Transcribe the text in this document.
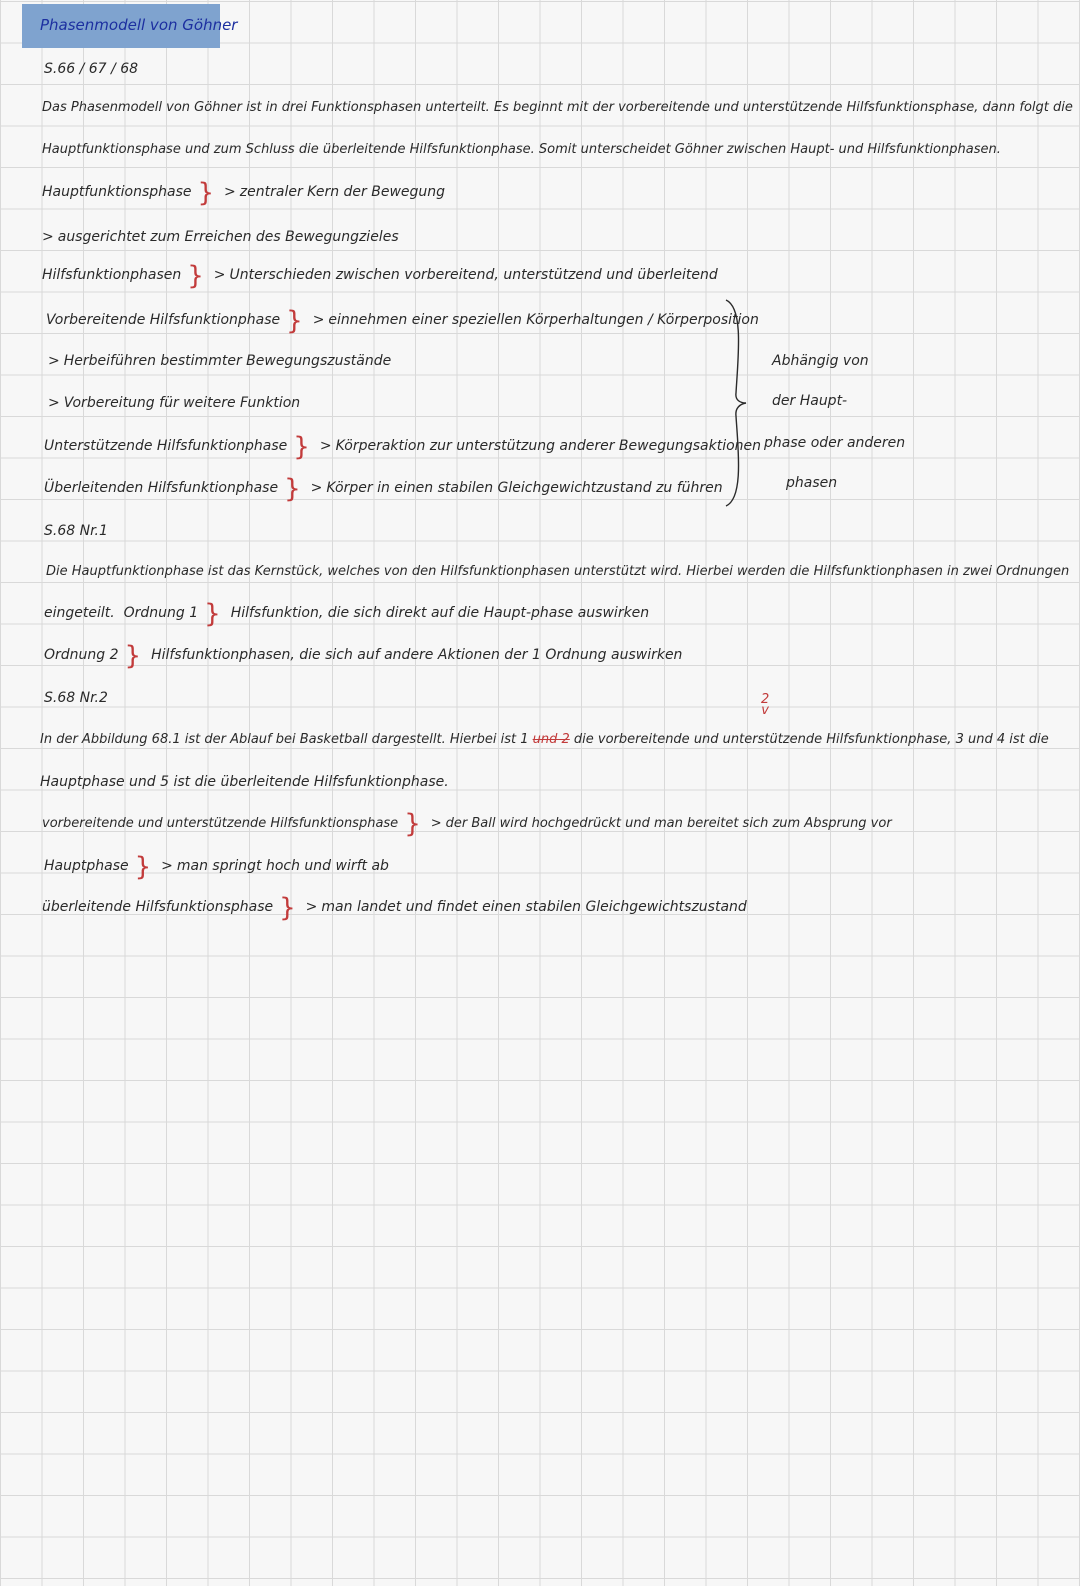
Phasenmodell von Göhner
S.66 / 67 / 68
Das Phasenmodell von Göhner ist in drei Funktionsphasen unterteilt. Es beginnt mit der vorbereitende und unterstützende Hilfsfunktionsphase, dann folgt die
Hauptfunktionsphase und zum Schluss die überleitende Hilfsfunktionphase. Somit unterscheidet Göhner zwischen Haupt- und Hilfsfunktionphasen.
Hauptfunktionsphase } > zentraler Kern der Bewegung
> ausgerichtet zum Erreichen des Bewegungzieles
Hilfsfunktionphasen } > Unterschieden zwischen vorbereitend, unterstützend und überleitend
Vorbereitende Hilfsfunktionphase } > einnehmen einer speziellen Körperhaltungen / Körperposition
> Herbeiführen bestimmter Bewegungszustände
> Vorbereitung für weitere Funktion
Unterstützende Hilfsfunktionphase } > Körperaktion zur unterstützung anderer Bewegungsaktionen
Überleitenden Hilfsfunktionphase } > Körper in einen stabilen Gleichgewichtzustand zu führen
Abhängig von
der Haupt-
phase oder anderen
phasen
S.68 Nr.1
Die Hauptfunktionphase ist das Kernstück, welches von den Hilfsfunktionphasen unterstützt wird. Hierbei werden die Hilfsfunktionphasen in zwei Ordnungen
eingeteilt. Ordnung 1 } Hilfsfunktion, die sich direkt auf die Haupt-phase auswirken
Ordnung 2 } Hilfsfunktionphasen, die sich auf andere Aktionen der 1 Ordnung auswirken
S.68 Nr.2	2
v
In der Abbildung 68.1 ist der Ablauf bei Basketball dargestellt. Hierbei ist 1 und 2 die vorbereitende und unterstützende Hilfsfunktionphase, 3 und 4 ist die
Hauptphase und 5 ist die überleitende Hilfsfunktionphase.
vorbereitende und unterstützende Hilfsfunktionsphase } > der Ball wird hochgedrückt und man bereitet sich zum Absprung vor
Hauptphase } > man springt hoch und wirft ab
überleitende Hilfsfunktionsphase } > man landet und findet einen stabilen Gleichgewichtszustand
